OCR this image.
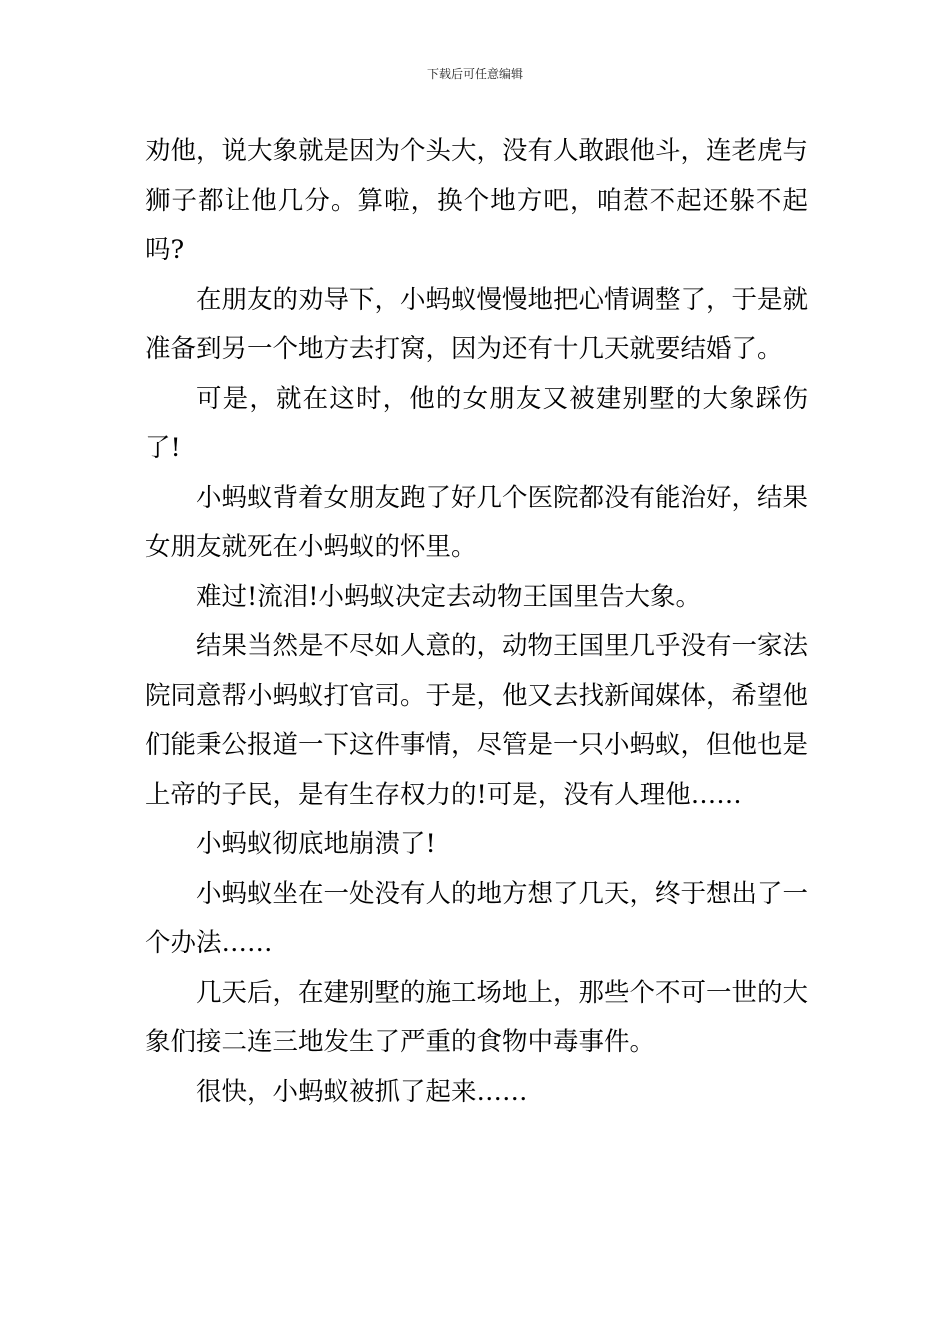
下载后可任意编辑

劝他，说大象就是因为个头大，没有人敢跟他斗，连老虎与狮子都让他几分。算啦，换个地方吧，咱惹不起还躲不起吗?

在朋友的劝导下，小蚂蚁慢慢地把心情调整了，于是就准备到另一个地方去打窝，因为还有十几天就要结婚了。

可是，就在这时，他的女朋友又被建别墅的大象踩伤了!

小蚂蚁背着女朋友跑了好几个医院都没有能治好，结果女朋友就死在小蚂蚁的怀里。

难过!流泪!小蚂蚁决定去动物王国里告大象。

结果当然是不尽如人意的，动物王国里几乎没有一家法院同意帮小蚂蚁打官司。于是，他又去找新闻媒体，希望他们能秉公报道一下这件事情，尽管是一只小蚂蚁，但他也是上帝的子民，是有生存权力的!可是，没有人理他……

小蚂蚁彻底地崩溃了!

小蚂蚁坐在一处没有人的地方想了几天，终于想出了一个办法……

几天后，在建别墅的施工场地上，那些个不可一世的大象们接二连三地发生了严重的食物中毒事件。

很快，小蚂蚁被抓了起来……
